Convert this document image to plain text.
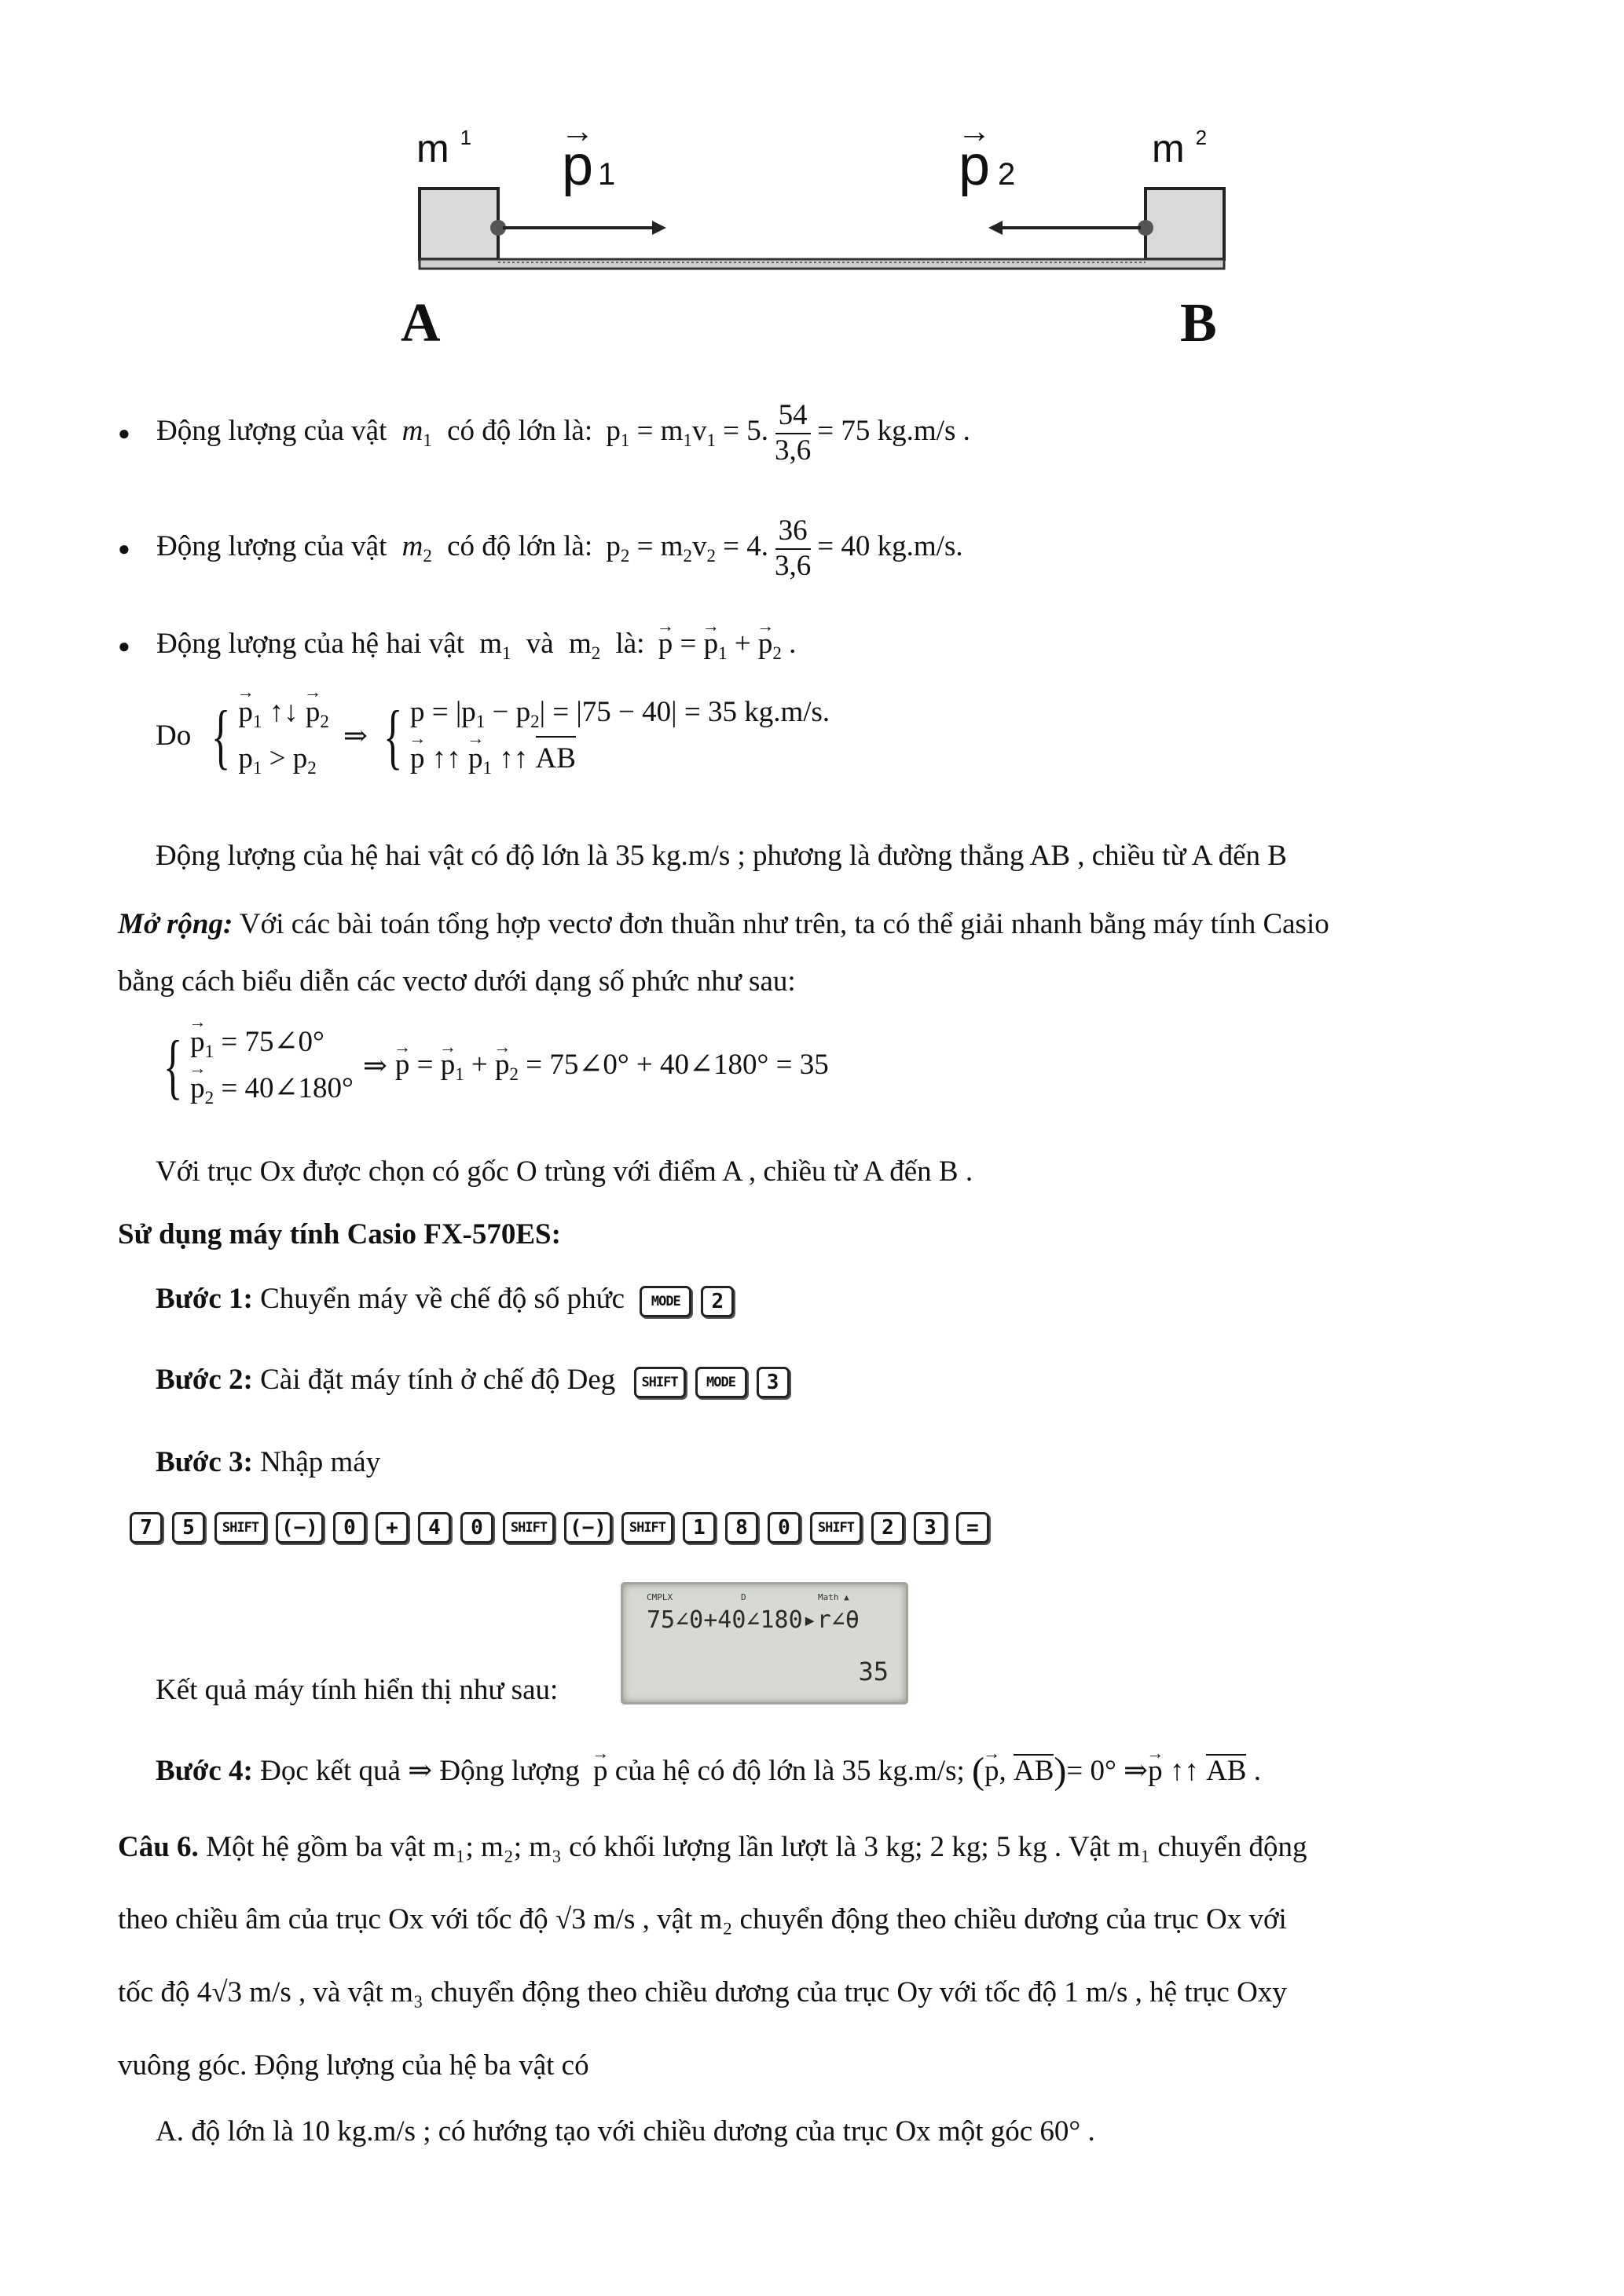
m $^1$ → p 1	→ p 2
m $^2$
A	B
● Động lượng của vật $m_1$ có độ lớn là: $p_1 = m_1v_1 = 5$. $\frac{54}{3,6} = 75$ kg.m/s .
● Động lượng của vật $m_2$ có độ lớn là: $p_2 = m_2v_2 = 4$. $\frac{36}{3,6} = 40$ kg.m/s.
● Động lượng của hệ hai vật $m_1$ và $m_2$ là: → p = → $p_1$ + → $p_2$ .
Do { → $p_1$ ↑↓ → $p_2$
$p_1 > p_2$
⇒ { $p = |p_1 - p_2| = |75 - 40| = 35$ kg.m/s.
→ p ↑↑ → $p_1$ ↑↑ AB
Động lượng của hệ hai vật có độ lớn là 35 kg.m/s ; phương là đường thẳng AB , chiều từ A đến B
Mở rộng: Với các bài toán tổng hợp vectơ đơn thuần như trên, ta có thể giải nhanh bằng máy tính Casio
bằng cách biểu diễn các vectơ dưới dạng số phức như sau:
{ → $p_1$ = 75∠0°
→ $p_2$ = 40∠180°
⇒ → p = → $p_1$ + → $p_2$ = 75∠0° + 40∠180° = 35
Với trục Ox được chọn có gốc O trùng với điểm A , chiều từ A đến B .
Sử dụng máy tính Casio FX-570ES:
Bước 1: Chuyển máy về chế độ số phức MODE 2
Bước 2: Cài đặt máy tính ở chế độ Deg SHIFT MODE 3
Bước 3: Nhập máy
7	5	SHIFT	(−)	0	+	4	0	SHIFT	(−)	SHIFT	1	8	0	SHIFT	2	3	=
CMPLX	D	Math ▲
75∠0+40∠180▸r∠θ
35
Kết quả máy tính hiển thị như sau:
Bước 4: Đọc kết quả ⇒ Động lượng → p của hệ có độ lớn là 35 kg.m/s; (→ p, AB)= 0° ⇒→ p ↑↑ AB .
Câu 6. Một hệ gồm ba vật m₁; m₂; m₃ có khối lượng lần lượt là 3 kg; 2 kg; 5 kg . Vật m₁ chuyển động
theo chiều âm của trục Ox với tốc độ √3 m/s , vật m₂ chuyển động theo chiều dương của trục Ox với
tốc độ 4√3 m/s , và vật m₃ chuyển động theo chiều dương của trục Oy với tốc độ 1 m/s , hệ trục Oxy
vuông góc. Động lượng của hệ ba vật có
A. độ lớn là 10 kg.m/s ; có hướng tạo với chiều dương của trục Ox một góc 60° .
